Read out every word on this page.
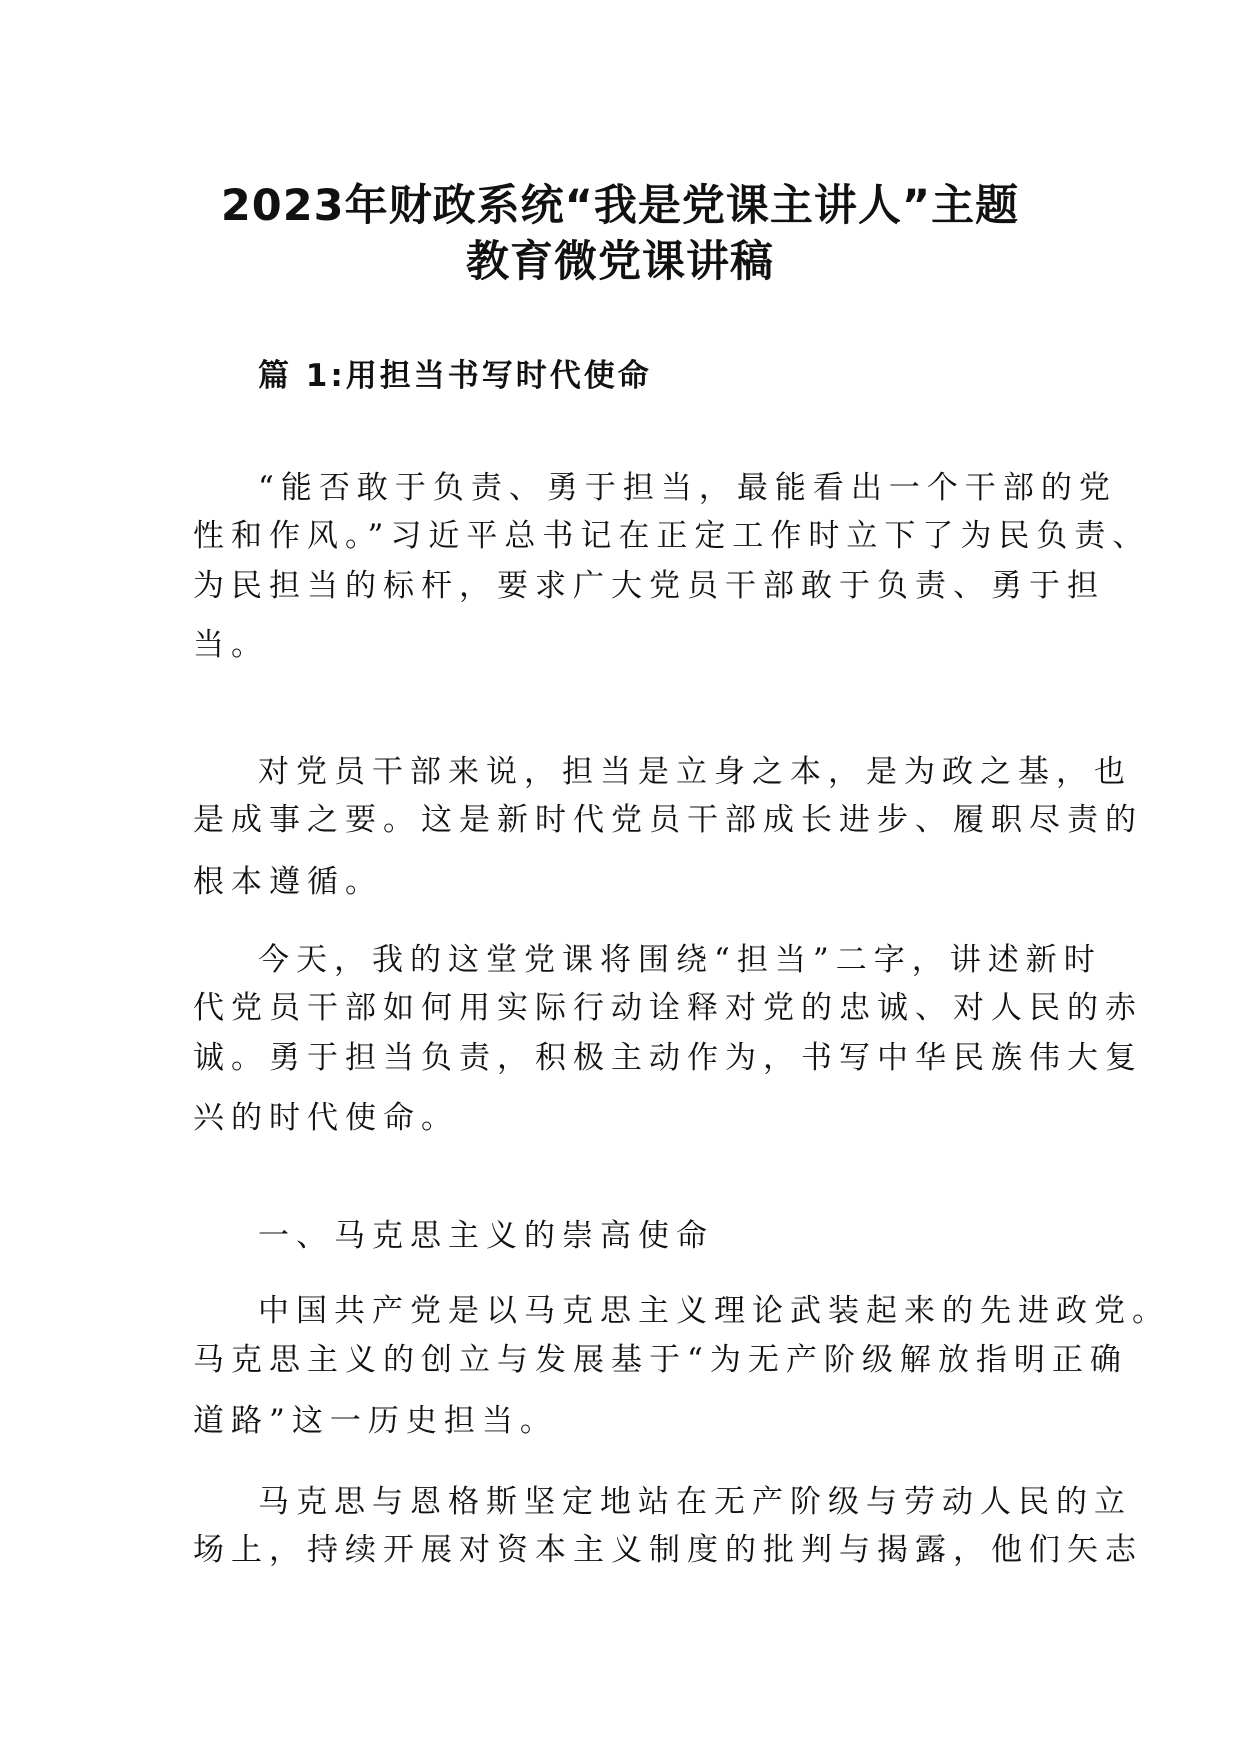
2023年财政系统“我是党课主讲人”主题
教育微党课讲稿
篇 1:用担当书写时代使命

“能否敢于负责、勇于担当，最能看出一个干部的党

性和作风。”习近平总书记在正定工作时立下了为民负责、

为民担当的标杆，要求广大党员干部敢于负责、勇于担

当。

对党员干部来说，担当是立身之本，是为政之基，也

是成事之要。这是新时代党员干部成长进步、履职尽责的

根本遵循。

今天，我的这堂党课将围绕“担当”二字，讲述新时

代党员干部如何用实际行动诠释对党的忠诚、对人民的赤

诚。勇于担当负责，积极主动作为，书写中华民族伟大复

兴的时代使命。

一、马克思主义的崇高使命

中国共产党是以马克思主义理论武装起来的先进政党。

马克思主义的创立与发展基于“为无产阶级解放指明正确

道路”这一历史担当。

马克思与恩格斯坚定地站在无产阶级与劳动人民的立

场上，持续开展对资本主义制度的批判与揭露，他们矢志
